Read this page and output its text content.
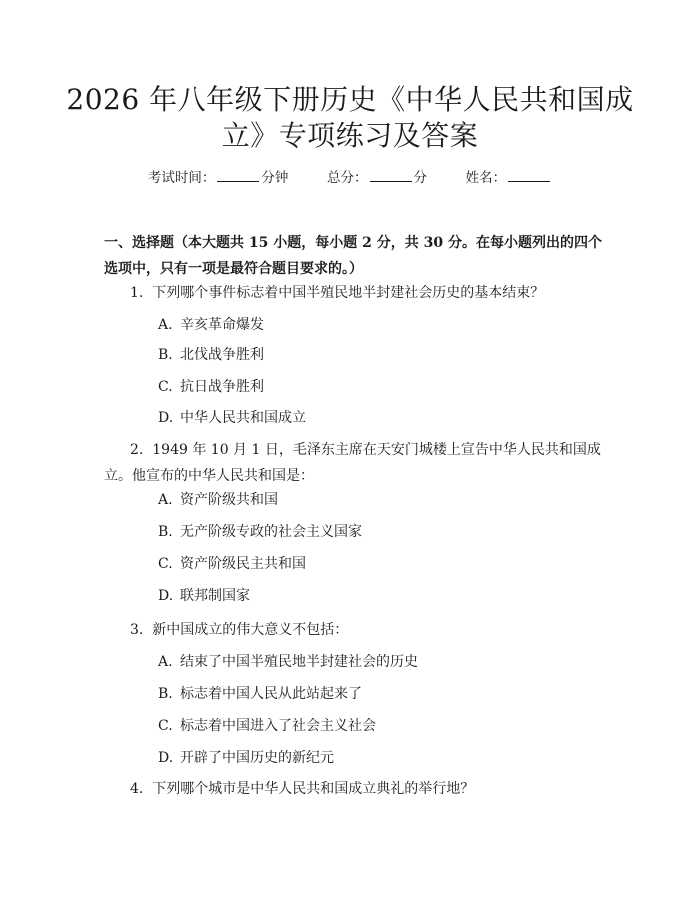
2026 年八年级下册历史《中华人民共和国成
立》专项练习及答案
考试时间：	分钟	总分：	分	姓名：
一、选择题（本大题共 15 小题，每小题 2 分，共 30 分。在每小题列出的四个选项中，只有一项是最符合题目要求的。）
1. 下列哪个事件标志着中国半殖民地半封建社会历史的基本结束？
A. 辛亥革命爆发
B. 北伐战争胜利
C. 抗日战争胜利
D. 中华人民共和国成立
2. 1949 年 10 月 1 日，毛泽东主席在天安门城楼上宣告中华人民共和国成立。他宣布的中华人民共和国是：
A. 资产阶级共和国
B. 无产阶级专政的社会主义国家
C. 资产阶级民主共和国
D. 联邦制国家
3. 新中国成立的伟大意义不包括：
A. 结束了中国半殖民地半封建社会的历史
B. 标志着中国人民从此站起来了
C. 标志着中国进入了社会主义社会
D. 开辟了中国历史的新纪元
4. 下列哪个城市是中华人民共和国成立典礼的举行地？
